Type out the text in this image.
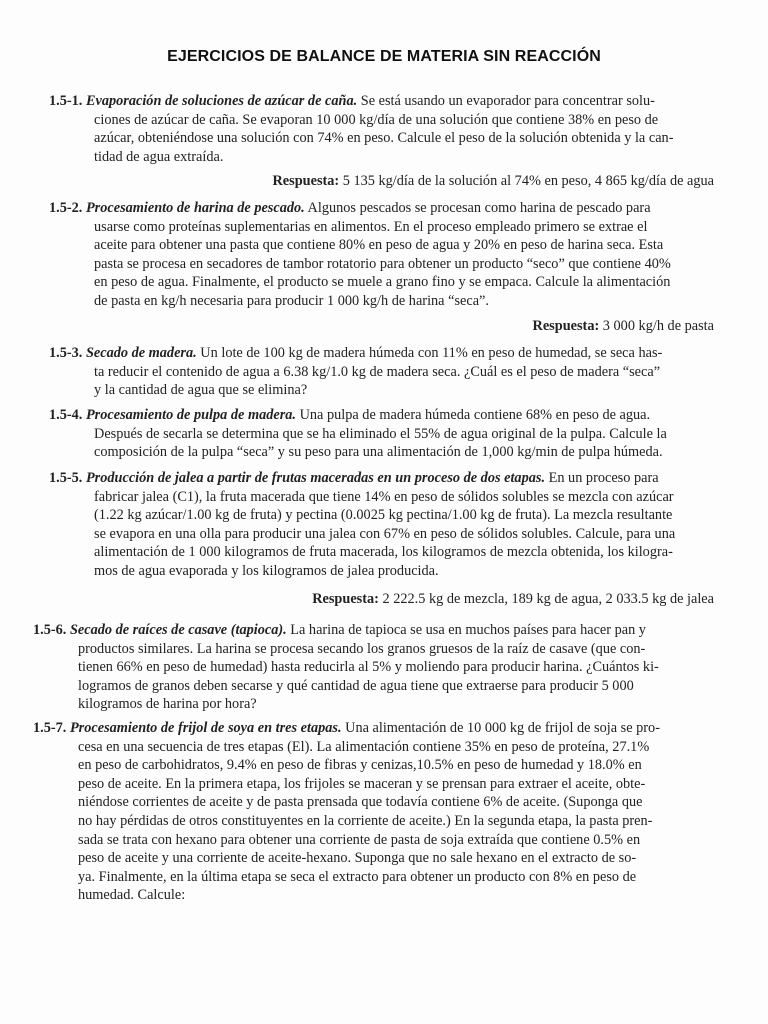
EJERCICIOS DE BALANCE DE MATERIA SIN REACCIÓN
1.5-1. Evaporación de soluciones de azúcar de caña. Se está usando un evaporador para concentrar solu-
ciones de azúcar de caña. Se evaporan 10 000 kg/día de una solución que contiene 38% en peso de
azúcar, obteniéndose una solución con 74% en peso. Calcule el peso de la solución obtenida y la can-
tidad de agua extraída.
Respuesta: 5 135 kg/día de la solución al 74% en peso, 4 865 kg/día de agua
1.5-2. Procesamiento de harina de pescado. Algunos pescados se procesan como harina de pescado para
usarse como proteínas suplementarias en alimentos. En el proceso empleado primero se extrae el
aceite para obtener una pasta que contiene 80% en peso de agua y 20% en peso de harina seca. Esta
pasta se procesa en secadores de tambor rotatorio para obtener un producto “seco” que contiene 40%
en peso de agua. Finalmente, el producto se muele a grano fino y se empaca. Calcule la alimentación
de pasta en kg/h necesaria para producir 1 000 kg/h de harina “seca”.
Respuesta: 3 000 kg/h de pasta
1.5-3. Secado de madera. Un lote de 100 kg de madera húmeda con 11% en peso de humedad, se seca has-
ta reducir el contenido de agua a 6.38 kg/1.0 kg de madera seca. ¿Cuál es el peso de madera “seca”
y la cantidad de agua que se elimina?
1.5-4. Procesamiento de pulpa de madera. Una pulpa de madera húmeda contiene 68% en peso de agua.
Después de secarla se determina que se ha eliminado el 55% de agua original de la pulpa. Calcule la
composición de la pulpa “seca” y su peso para una alimentación de 1,000 kg/min de pulpa húmeda.
1.5-5. Producción de jalea a partir de frutas maceradas en un proceso de dos etapas. En un proceso para
fabricar jalea (C1), la fruta macerada que tiene 14% en peso de sólidos solubles se mezcla con azúcar
(1.22 kg azúcar/1.00 kg de fruta) y pectina (0.0025 kg pectina/1.00 kg de fruta). La mezcla resultante
se evapora en una olla para producir una jalea con 67% en peso de sólidos solubles. Calcule, para una
alimentación de 1 000 kilogramos de fruta macerada, los kilogramos de mezcla obtenida, los kilogra-
mos de agua evaporada y los kilogramos de jalea producida.
Respuesta: 2 222.5 kg de mezcla, 189 kg de agua, 2 033.5 kg de jalea
1.5-6. Secado de raíces de casave (tapioca). La harina de tapioca se usa en muchos países para hacer pan y
productos similares. La harina se procesa secando los granos gruesos de la raíz de casave (que con-
tienen 66% en peso de humedad) hasta reducirla al 5% y moliendo para producir harina. ¿Cuántos ki-
logramos de granos deben secarse y qué cantidad de agua tiene que extraerse para producir 5 000
kilogramos de harina por hora?
1.5-7. Procesamiento de frijol de soya en tres etapas. Una alimentación de 10 000 kg de frijol de soja se pro-
cesa en una secuencia de tres etapas (El). La alimentación contiene 35% en peso de proteína, 27.1%
en peso de carbohidratos, 9.4% en peso de fibras y cenizas,10.5% en peso de humedad y 18.0% en
peso de aceite. En la primera etapa, los frijoles se maceran y se prensan para extraer el aceite, obte-
niéndose corrientes de aceite y de pasta prensada que todavía contiene 6% de aceite. (Suponga que
no hay pérdidas de otros constituyentes en la corriente de aceite.) En la segunda etapa, la pasta pren-
sada se trata con hexano para obtener una corriente de pasta de soja extraída que contiene 0.5% en
peso de aceite y una corriente de aceite-hexano. Suponga que no sale hexano en el extracto de so-
ya. Finalmente, en la última etapa se seca el extracto para obtener un producto con 8% en peso de
humedad. Calcule:
